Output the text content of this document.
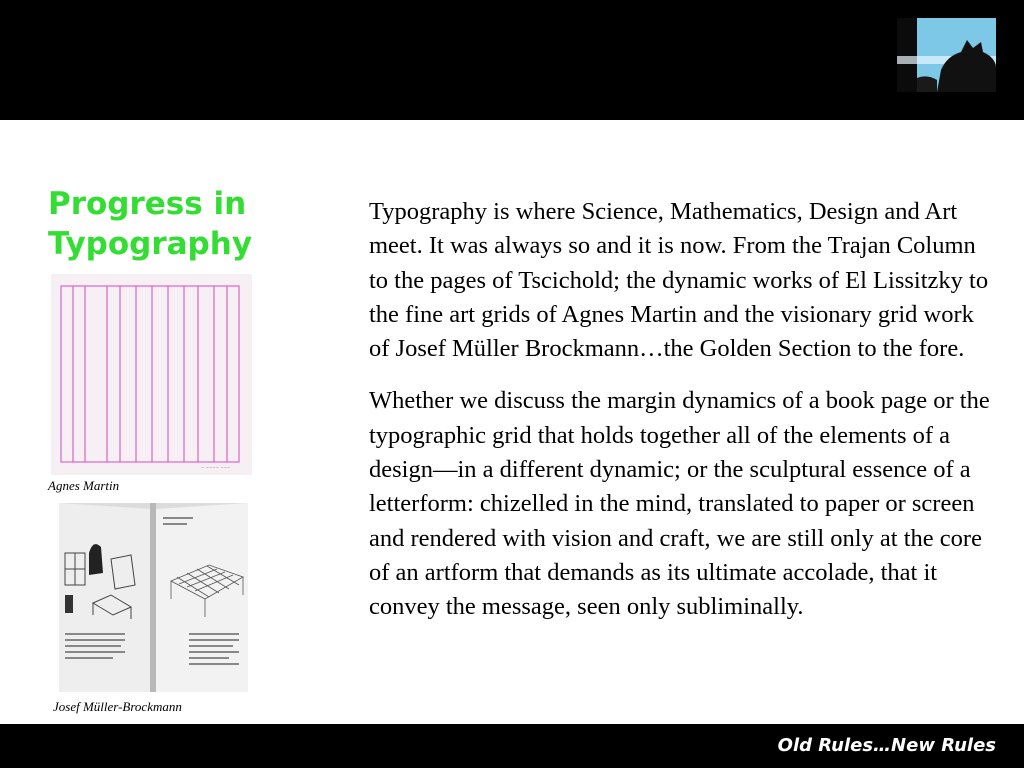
Progress in Typography
~ ~~~~ ~~~
Agnes Martin
Josef Müller-Brockmann

Typography is where Science, Mathematics, Design and Art meet. It was always so and it is now. From the Trajan Column to the pages of Tscichold; the dynamic works of El Lissitzky to the fine art grids of Agnes Martin and the visionary grid work of Josef Müller Brockmann…the Golden Section to the fore.

Whether we discuss the margin dynamics of a book page or the typographic grid that holds together all of the elements of a design—in a different dynamic; or the sculptural essence of a letterform: chizelled in the mind, translated to paper or screen and rendered with vision and craft, we are still only at the core of an artform that demands as its ultimate accolade, that it convey the message, seen only subliminally.

Old Rules…New Rules
